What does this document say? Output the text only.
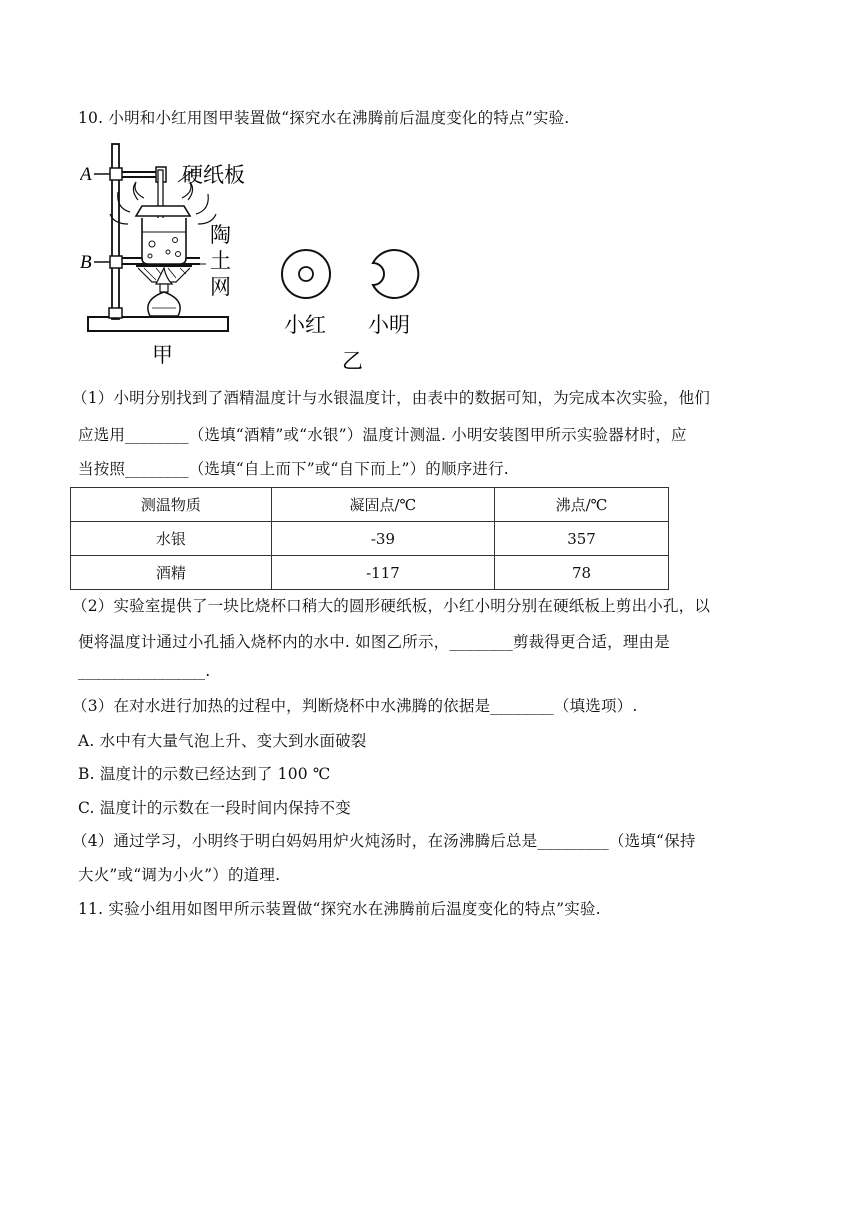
10. 小明和小红用图甲装置做“探究水在沸腾前后温度变化的特点”实验.
A
B
硬纸板
陶
土
网
甲
小红 小明
乙
（1）小明分别找到了酒精温度计与水银温度计，由表中的数据可知，为完成本次实验，他们
应选用________（选填“酒精”或“水银”）温度计测温. 小明安装图甲所示实验器材时，应
当按照________（选填“自上而下”或“自下而上”）的顺序进行.
测温物质	凝固点/℃	沸点/℃
水银	-39	357
酒精	-117	78
（2）实验室提供了一块比烧杯口稍大的圆形硬纸板，小红小明分别在硬纸板上剪出小孔，以
便将温度计通过小孔插入烧杯内的水中. 如图乙所示，________剪裁得更合适，理由是
________________.
（3）在对水进行加热的过程中，判断烧杯中水沸腾的依据是________（填选项）.
A. 水中有大量气泡上升、变大到水面破裂
B. 温度计的示数已经达到了 100 ℃
C. 温度计的示数在一段时间内保持不变
（4）通过学习，小明终于明白妈妈用炉火炖汤时，在汤沸腾后总是_________（选填“保持
大火”或“调为小火”）的道理.
11. 实验小组用如图甲所示装置做“探究水在沸腾前后温度变化的特点”实验.
